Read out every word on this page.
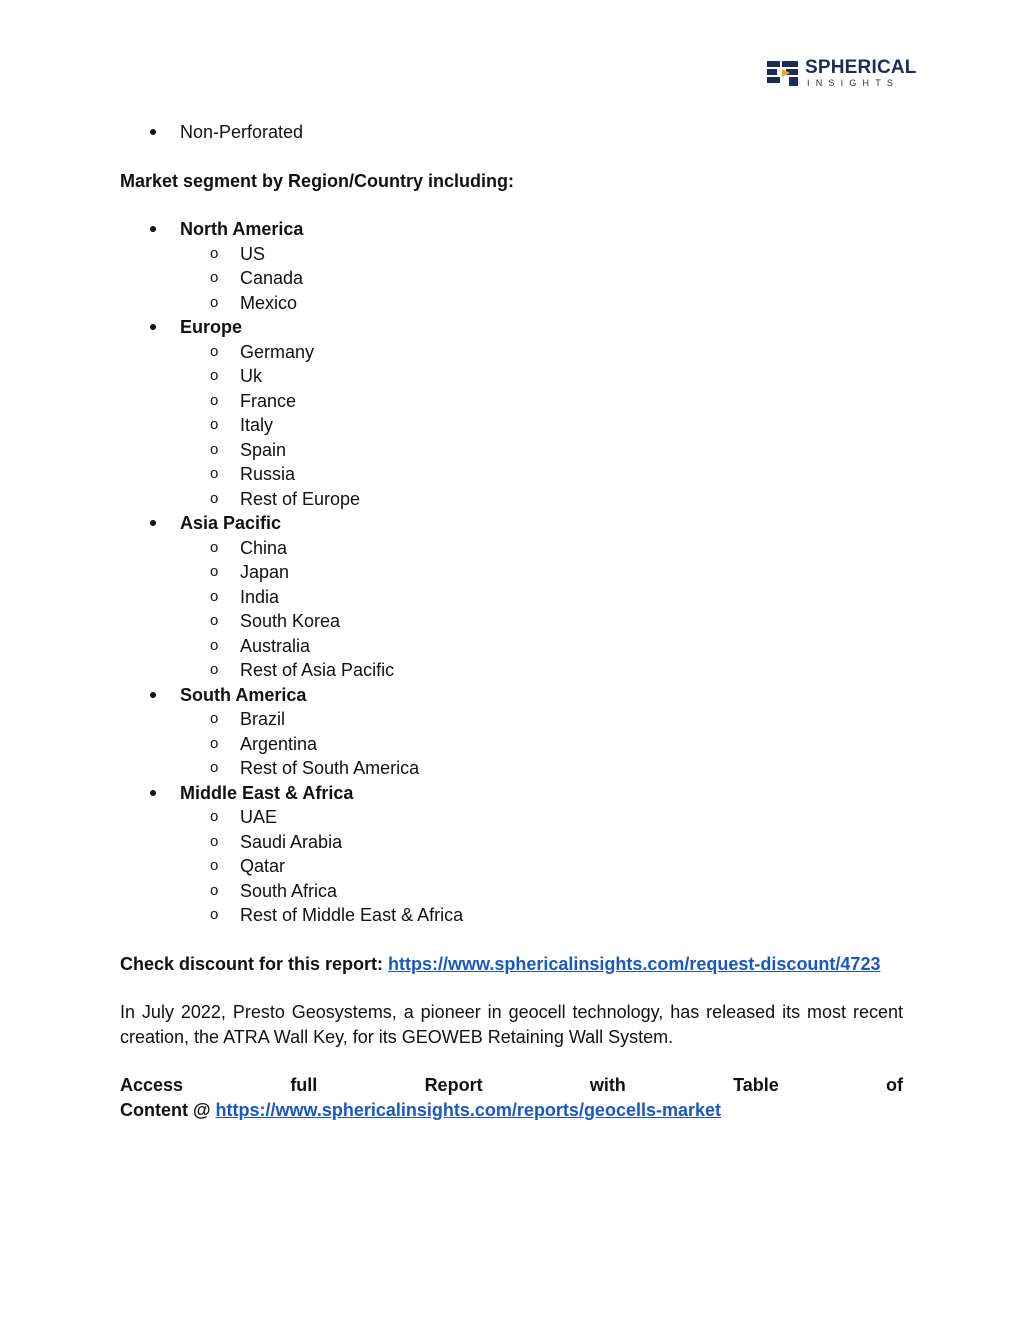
SPHERICAL
INSIGHTS
Non-Perforated
Market segment by Region/Country including:
North America
o US
o Canada
o Mexico
Europe
o Germany
o Uk
o France
o Italy
o Spain
o Russia
o Rest of Europe
Asia Pacific
o China
o Japan
o India
o South Korea
o Australia
o Rest of Asia Pacific
South America
o Brazil
o Argentina
o Rest of South America
Middle East & Africa
o UAE
o Saudi Arabia
o Qatar
o South Africa
o Rest of Middle East & Africa
Check discount for this report: https://www.sphericalinsights.com/request-discount/4723
In July 2022, Presto Geosystems, a pioneer in geocell technology, has released its most recent creation, the ATRA Wall Key, for its GEOWEB Retaining Wall System.
Access	full	Report	with	Table	of
Content @ https://www.sphericalinsights.com/reports/geocells-market
